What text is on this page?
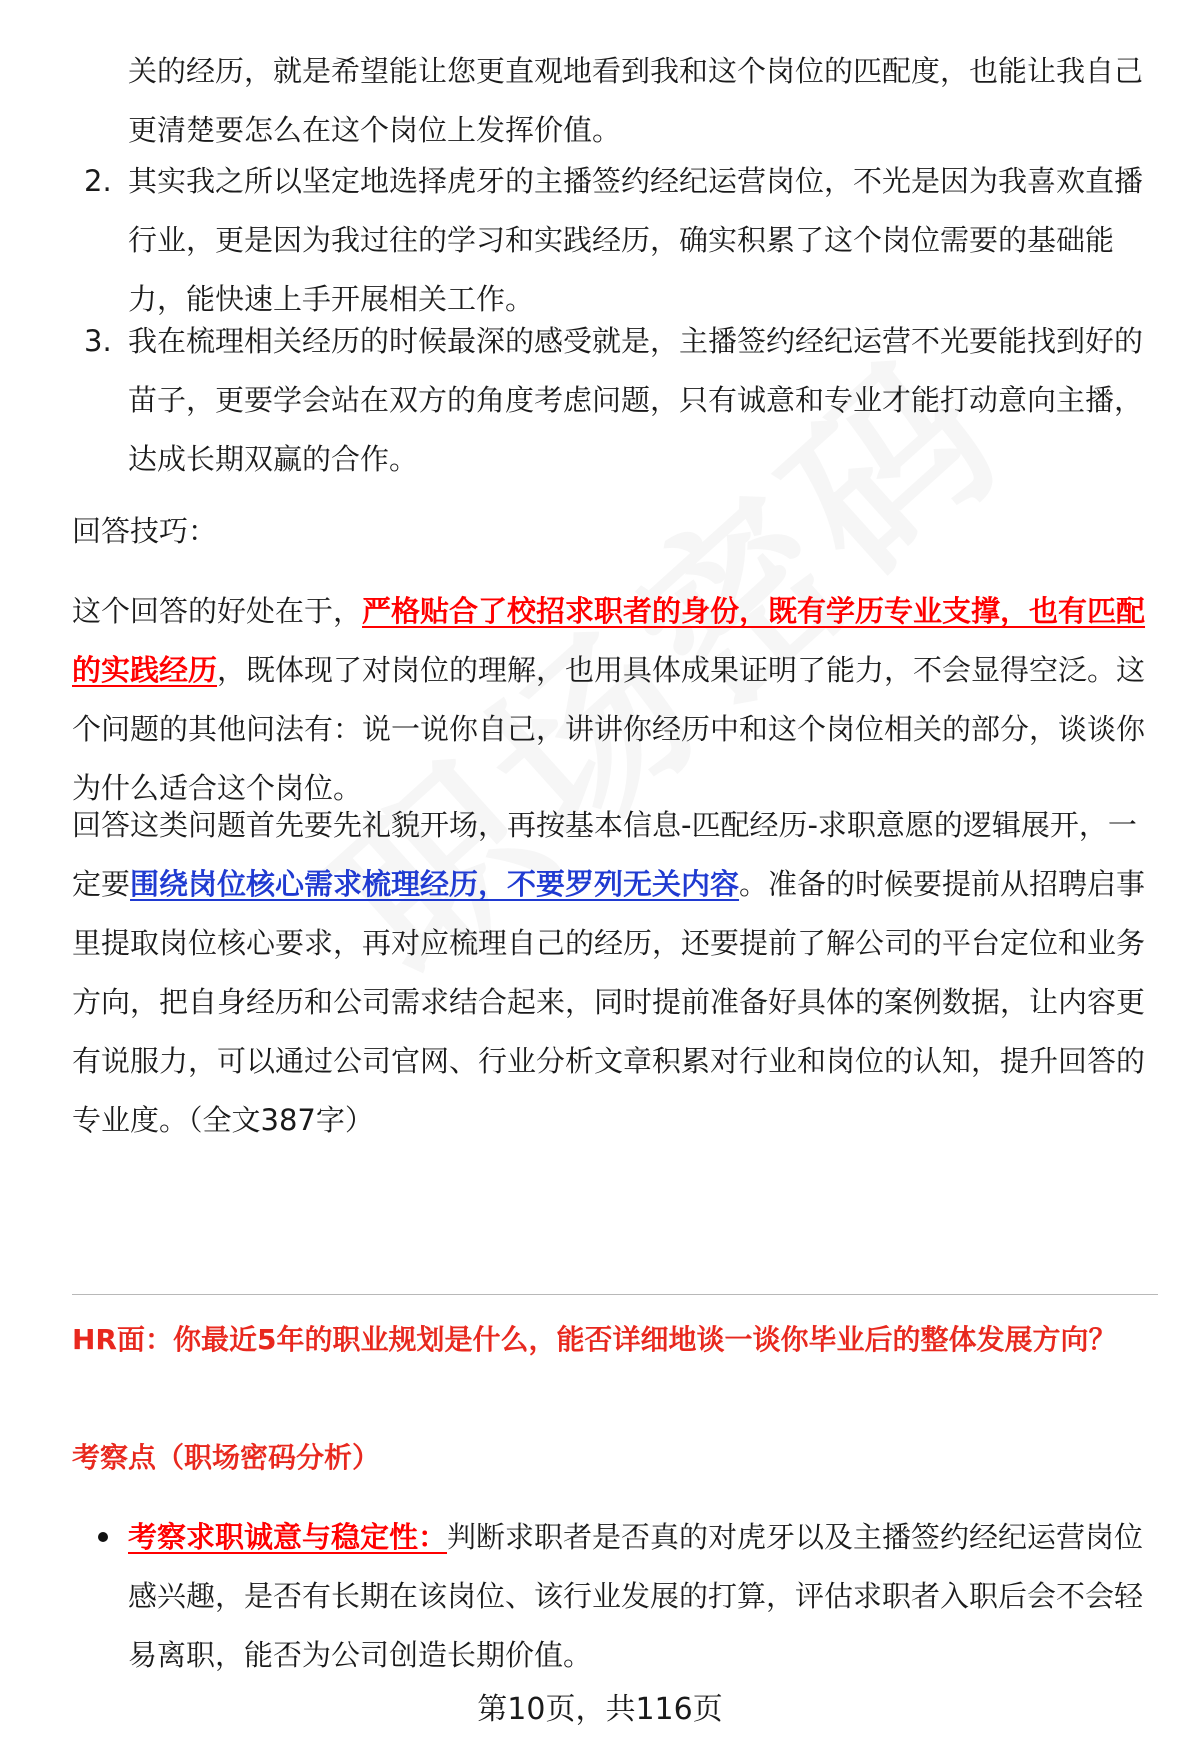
关的经历，就是希望能让您更直观地看到我和这个岗位的匹配度，也能让我自己更清楚要怎么在这个岗位上发挥价值。

2. 其实我之所以坚定地选择虎牙的主播签约经纪运营岗位，不光是因为我喜欢直播行业，更是因为我过往的学习和实践经历，确实积累了这个岗位需要的基础能力，能快速上手开展相关工作。

3. 我在梳理相关经历的时候最深的感受就是，主播签约经纪运营不光要能找到好的苗子，更要学会站在双方的角度考虑问题，只有诚意和专业才能打动意向主播，达成长期双赢的合作。

回答技巧：

这个回答的好处在于，严格贴合了校招求职者的身份，既有学历专业支撑，也有匹配的实践经历，既体现了对岗位的理解，也用具体成果证明了能力，不会显得空泛。这个问题的其他问法有：说一说你自己，讲讲你经历中和这个岗位相关的部分，谈谈你为什么适合这个岗位。

回答这类问题首先要先礼貌开场，再按基本信息-匹配经历-求职意愿的逻辑展开，一定要围绕岗位核心需求梳理经历，不要罗列无关内容。准备的时候要提前从招聘启事里提取岗位核心要求，再对应梳理自己的经历，还要提前了解公司的平台定位和业务方向，把自身经历和公司需求结合起来，同时提前准备好具体的案例数据，让内容更有说服力，可以通过公司官网、行业分析文章积累对行业和岗位的认知，提升回答的专业度。（全文387字）

HR面：你最近5年的职业规划是什么，能否详细地谈一谈你毕业后的整体发展方向？

考察点（职场密码分析）

考察求职诚意与稳定性：判断求职者是否真的对虎牙以及主播签约经纪运营岗位感兴趣，是否有长期在该岗位、该行业发展的打算，评估求职者入职后会不会轻易离职，能否为公司创造长期价值。

第10页，共116页
